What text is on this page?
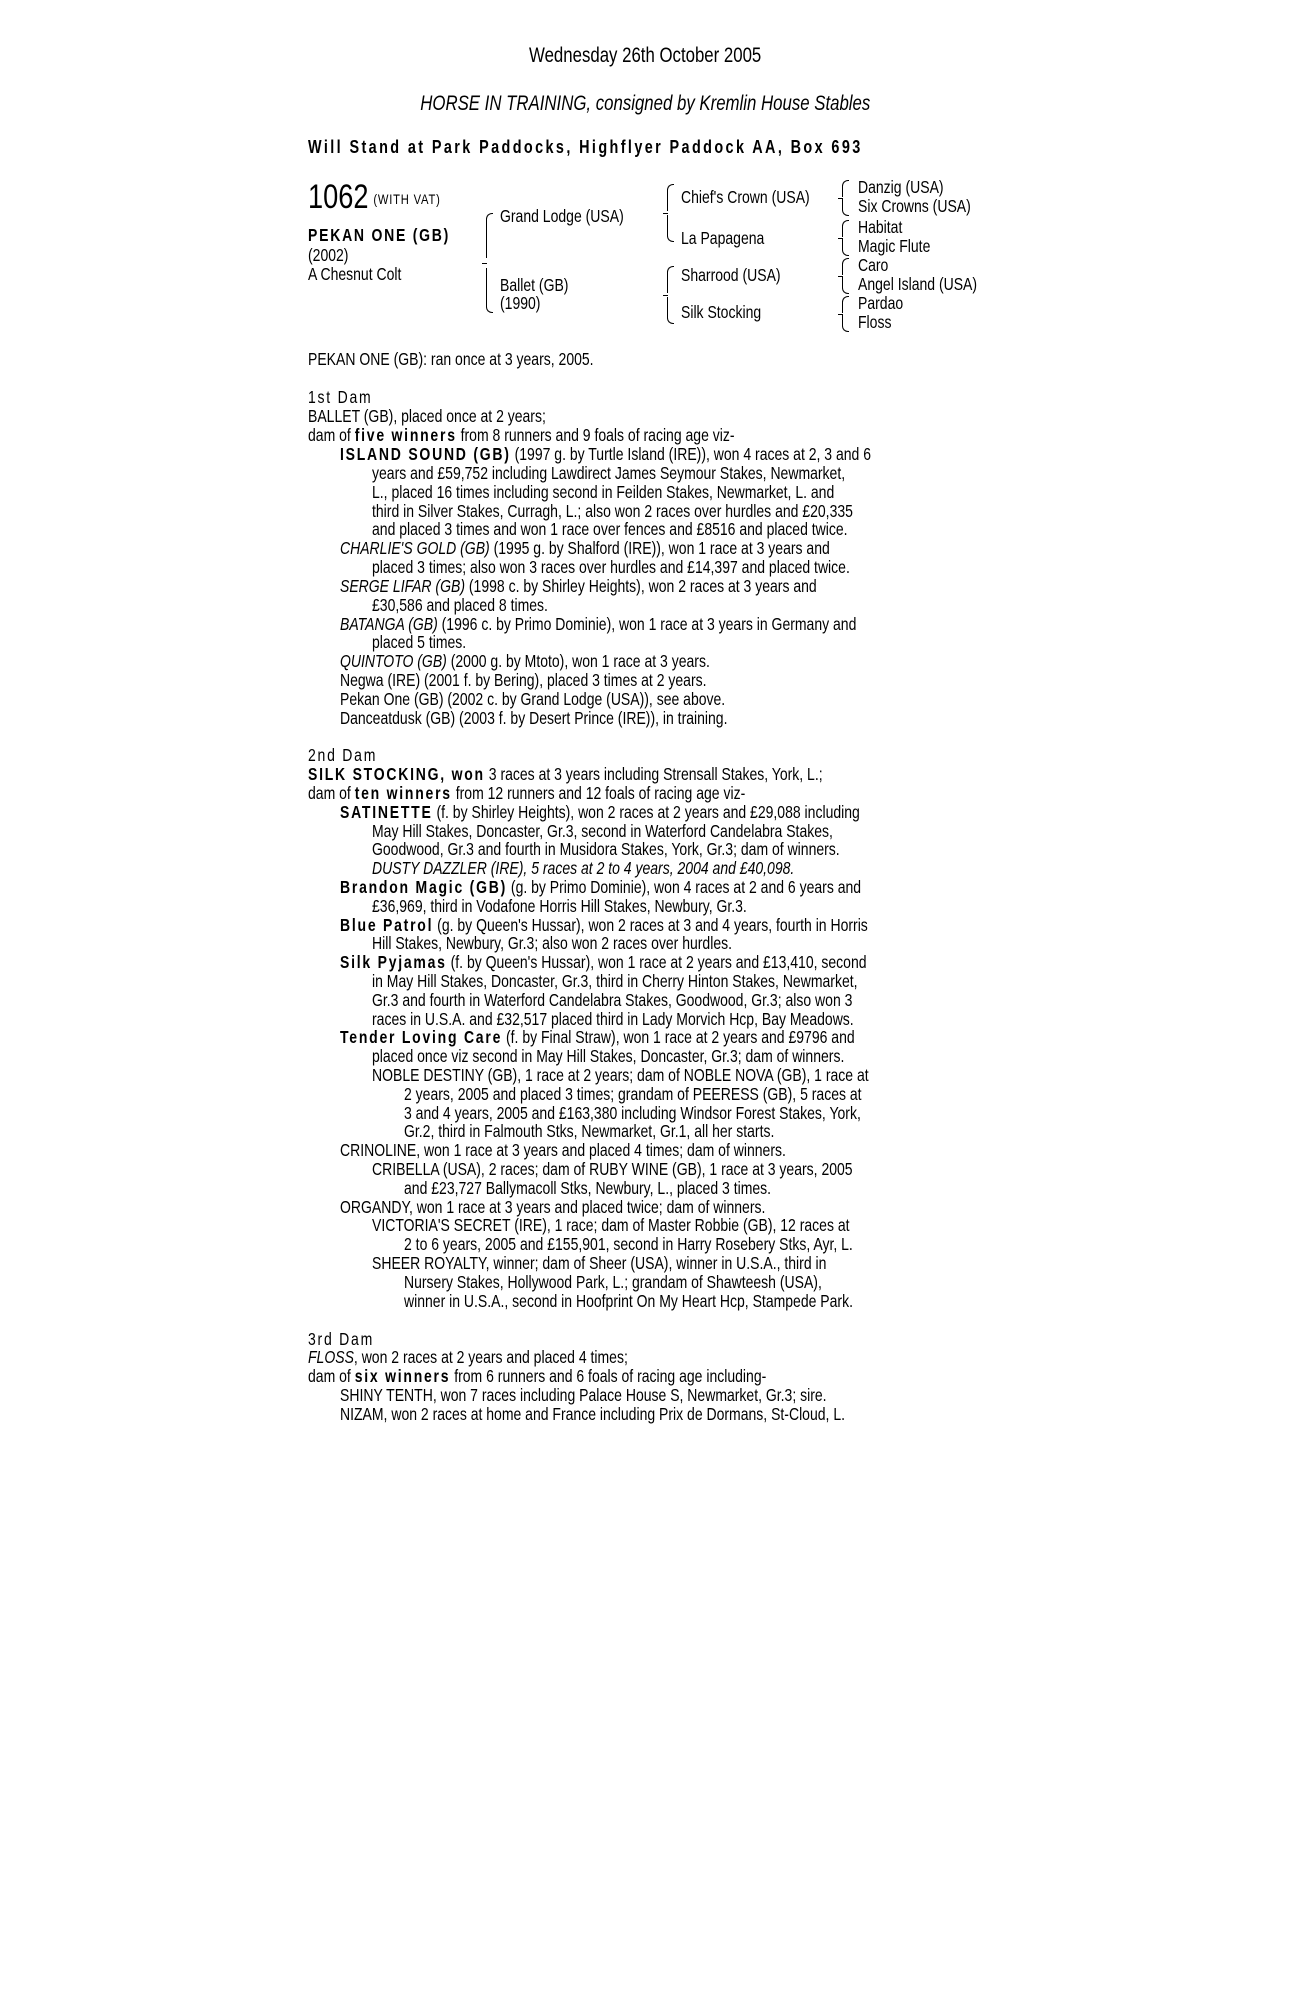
Wednesday 26th October 2005
HORSE IN TRAINING, consigned by Kremlin House Stables
Will Stand at Park Paddocks, Highflyer Paddock AA, Box 693
1062 (WITH VAT)
PEKAN ONE (GB)
(2002)
A Chesnut Colt
Grand Lodge (USA)
Ballet (GB)
(1990)
Chief's Crown (USA)
La Papagena
Sharrood (USA)
Silk Stocking
Danzig (USA)
Six Crowns (USA)
Habitat
Magic Flute
Caro
Angel Island (USA)
Pardao
Floss
PEKAN ONE (GB): ran once at 3 years, 2005.
1st Dam
BALLET (GB), placed once at 2 years;
dam of five winners from 8 runners and 9 foals of racing age viz-
ISLAND SOUND (GB) (1997 g. by Turtle Island (IRE)), won 4 races at 2, 3 and 6
years and £59,752 including Lawdirect James Seymour Stakes, Newmarket,
L., placed 16 times including second in Feilden Stakes, Newmarket, L. and
third in Silver Stakes, Curragh, L.; also won 2 races over hurdles and £20,335
and placed 3 times and won 1 race over fences and £8516 and placed twice.
CHARLIE'S GOLD (GB) (1995 g. by Shalford (IRE)), won 1 race at 3 years and
placed 3 times; also won 3 races over hurdles and £14,397 and placed twice.
SERGE LIFAR (GB) (1998 c. by Shirley Heights), won 2 races at 3 years and
£30,586 and placed 8 times.
BATANGA (GB) (1996 c. by Primo Dominie), won 1 race at 3 years in Germany and
placed 5 times.
QUINTOTO (GB) (2000 g. by Mtoto), won 1 race at 3 years.
Negwa (IRE) (2001 f. by Bering), placed 3 times at 2 years.
Pekan One (GB) (2002 c. by Grand Lodge (USA)), see above.
Danceatdusk (GB) (2003 f. by Desert Prince (IRE)), in training.
2nd Dam
SILK STOCKING, won 3 races at 3 years including Strensall Stakes, York, L.;
dam of ten winners from 12 runners and 12 foals of racing age viz-
SATINETTE (f. by Shirley Heights), won 2 races at 2 years and £29,088 including
May Hill Stakes, Doncaster, Gr.3, second in Waterford Candelabra Stakes,
Goodwood, Gr.3 and fourth in Musidora Stakes, York, Gr.3; dam of winners.
DUSTY DAZZLER (IRE), 5 races at 2 to 4 years, 2004 and £40,098.
Brandon Magic (GB) (g. by Primo Dominie), won 4 races at 2 and 6 years and
£36,969, third in Vodafone Horris Hill Stakes, Newbury, Gr.3.
Blue Patrol (g. by Queen's Hussar), won 2 races at 3 and 4 years, fourth in Horris
Hill Stakes, Newbury, Gr.3; also won 2 races over hurdles.
Silk Pyjamas (f. by Queen's Hussar), won 1 race at 2 years and £13,410, second
in May Hill Stakes, Doncaster, Gr.3, third in Cherry Hinton Stakes, Newmarket,
Gr.3 and fourth in Waterford Candelabra Stakes, Goodwood, Gr.3; also won 3
races in U.S.A. and £32,517 placed third in Lady Morvich Hcp, Bay Meadows.
Tender Loving Care (f. by Final Straw), won 1 race at 2 years and £9796 and
placed once viz second in May Hill Stakes, Doncaster, Gr.3; dam of winners.
NOBLE DESTINY (GB), 1 race at 2 years; dam of NOBLE NOVA (GB), 1 race at
2 years, 2005 and placed 3 times; grandam of PEERESS (GB), 5 races at
3 and 4 years, 2005 and £163,380 including Windsor Forest Stakes, York,
Gr.2, third in Falmouth Stks, Newmarket, Gr.1, all her starts.
CRINOLINE, won 1 race at 3 years and placed 4 times; dam of winners.
CRIBELLA (USA), 2 races; dam of RUBY WINE (GB), 1 race at 3 years, 2005
and £23,727 Ballymacoll Stks, Newbury, L., placed 3 times.
ORGANDY, won 1 race at 3 years and placed twice; dam of winners.
VICTORIA'S SECRET (IRE), 1 race; dam of Master Robbie (GB), 12 races at
2 to 6 years, 2005 and £155,901, second in Harry Rosebery Stks, Ayr, L.
SHEER ROYALTY, winner; dam of Sheer (USA), winner in U.S.A., third in
Nursery Stakes, Hollywood Park, L.; grandam of Shawteesh (USA),
winner in U.S.A., second in Hoofprint On My Heart Hcp, Stampede Park.
3rd Dam
FLOSS, won 2 races at 2 years and placed 4 times;
dam of six winners from 6 runners and 6 foals of racing age including-
SHINY TENTH, won 7 races including Palace House S, Newmarket, Gr.3; sire.
NIZAM, won 2 races at home and France including Prix de Dormans, St-Cloud, L.
